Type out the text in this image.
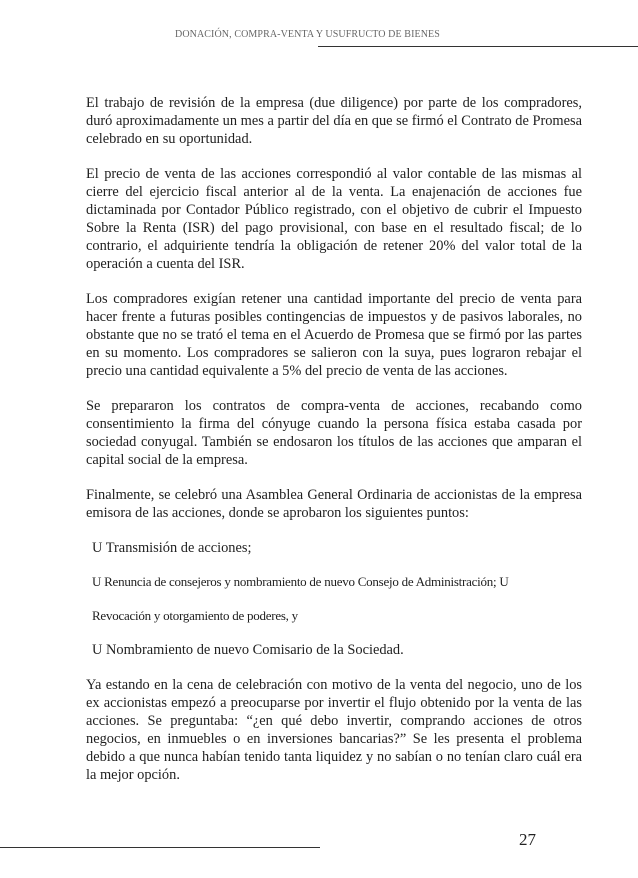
DONACIÓN, COMPRA-VENTA Y USUFRUCTO DE BIENES

El trabajo de revisión de la empresa (due diligence) por parte de los compradores, duró aproximadamente un mes a partir del día en que se firmó el Contrato de Promesa celebrado en su oportunidad.

El precio de venta de las acciones correspondió al valor contable de las mismas al cierre del ejercicio fiscal anterior al de la venta. La enajenación de acciones fue dictaminada por Contador Público registrado, con el objetivo de cubrir el Impuesto Sobre la Renta (ISR) del pago provisional, con base en el resultado fiscal; de lo contrario, el adquiriente tendría la obligación de retener 20% del valor total de la operación a cuenta del ISR.

Los compradores exigían retener una cantidad importante del precio de venta para hacer frente a futuras posibles contingencias de impuestos y de pasivos laborales, no obstante que no se trató el tema en el Acuerdo de Promesa que se firmó por las partes en su momento. Los compradores se salieron con la suya, pues lograron rebajar el precio una cantidad equivalente a 5% del precio de venta de las acciones.

Se prepararon los contratos de compra-venta de acciones, recabando como consentimiento la firma del cónyuge cuando la persona física estaba casada por sociedad conyugal. También se endosaron los títulos de las acciones que amparan el capital social de la empresa.

Finalmente, se celebró una Asamblea General Ordinaria de accionistas de la empresa emisora de las acciones, donde se aprobaron los siguientes puntos:

U Transmisión de acciones;
U Renuncia de consejeros y nombramiento de nuevo Consejo de Administración; U
Revocación y otorgamiento de poderes, y
U Nombramiento de nuevo Comisario de la Sociedad.

Ya estando en la cena de celebración con motivo de la venta del negocio, uno de los ex accionistas empezó a preocuparse por invertir el flujo obtenido por la venta de las acciones. Se preguntaba: “¿en qué debo invertir, comprando acciones de otros negocios, en inmuebles o en inversiones bancarias?” Se les presenta el problema debido a que nunca habían tenido tanta liquidez y no sabían o no tenían claro cuál era la mejor opción.

27
